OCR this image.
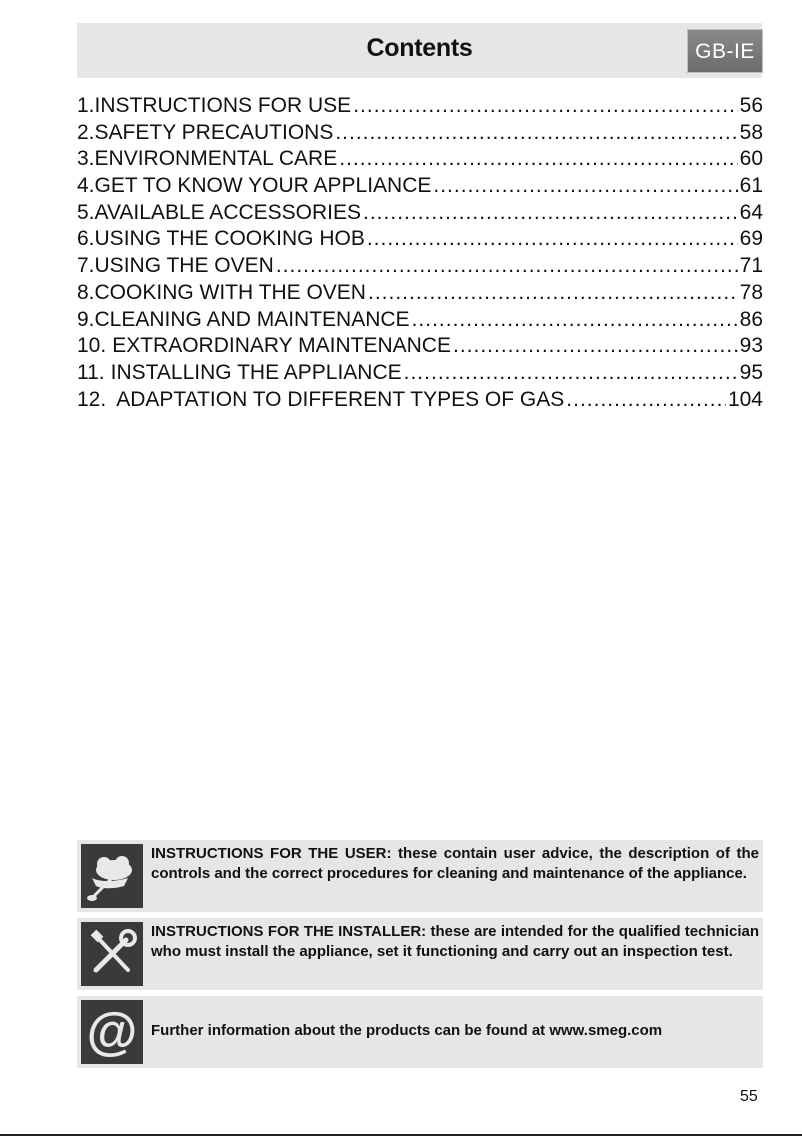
Contents	GB-IE
1. INSTRUCTIONS FOR USE .....	56
2. SAFETY PRECAUTIONS .....	58
3. ENVIRONMENTAL CARE .....	60
4. GET TO KNOW YOUR APPLIANCE .....	61
5. AVAILABLE ACCESSORIES .....	64
6. USING THE COOKING HOB .....	69
7. USING THE OVEN .....	71
8. COOKING WITH THE OVEN .....	78
9. CLEANING AND MAINTENANCE .....	86
10. EXTRAORDINARY MAINTENANCE .....	93
11. INSTALLING THE APPLIANCE .....	95
12. ADAPTATION TO DIFFERENT TYPES OF GAS .....	104
INSTRUCTIONS FOR THE USER: these contain user advice, the description of the controls and the correct procedures for cleaning and maintenance of the appliance.
INSTRUCTIONS FOR THE INSTALLER: these are intended for the qualified technician who must install the appliance, set it functioning and carry out an inspection test.
@ Further information about the products can be found at www.smeg.com
55
